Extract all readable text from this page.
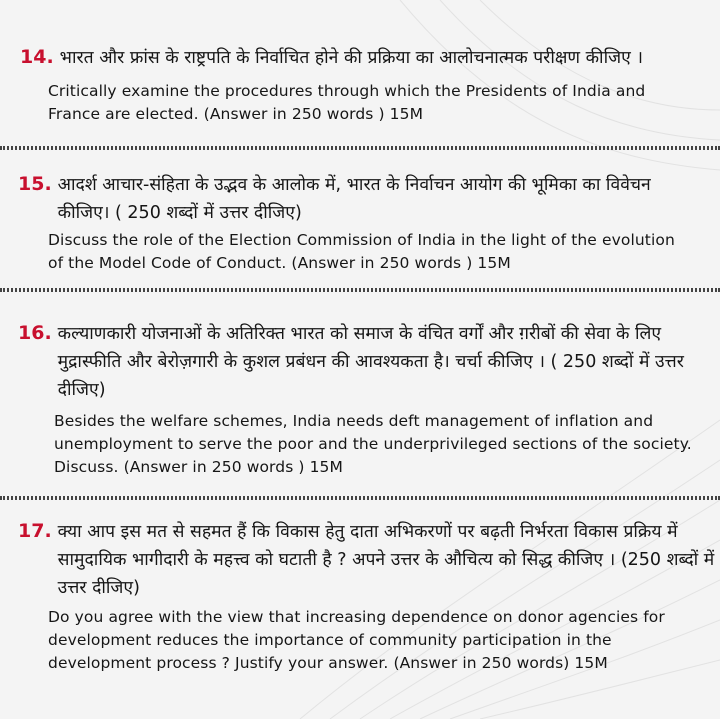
14. भारत और फ्रांस के राष्ट्रपति के निर्वाचित होने की प्रक्रिया का आलोचनात्मक परीक्षण कीजिए ।
Critically examine the procedures through which the Presidents of India and France are elected. (Answer in 250 words ) 15M
15. आदर्श आचार-संहिता के उद्भव के आलोक में, भारत के निर्वाचन आयोग की भूमिका का विवेचन कीजिए। ( 250 शब्दों में उत्तर दीजिए)
Discuss the role of the Election Commission of India in the light of the evolution of the Model Code of Conduct. (Answer in 250 words ) 15M
16. कल्याणकारी योजनाओं के अतिरिक्त भारत को समाज के वंचित वर्गों और ग़रीबों की सेवा के लिए मुद्रास्फीति और बेरोज़गारी के कुशल प्रबंधन की आवश्यकता है। चर्चा कीजिए । ( 250 शब्दों में उत्तर दीजिए)
Besides the welfare schemes, India needs deft management of inflation and unemployment to serve the poor and the underprivileged sections of the society. Discuss. (Answer in 250 words ) 15M
17. क्या आप इस मत से सहमत हैं कि विकास हेतु दाता अभिकरणों पर बढ़ती निर्भरता विकास प्रक्रिय में सामुदायिक भागीदारी के महत्त्व को घटाती है ? अपने उत्तर के औचित्य को सिद्ध कीजिए । (250 शब्दों में उत्तर दीजिए)
Do you agree with the view that increasing dependence on donor agencies for development reduces the importance of community participation in the development process ? Justify your answer. (Answer in 250 words) 15M
